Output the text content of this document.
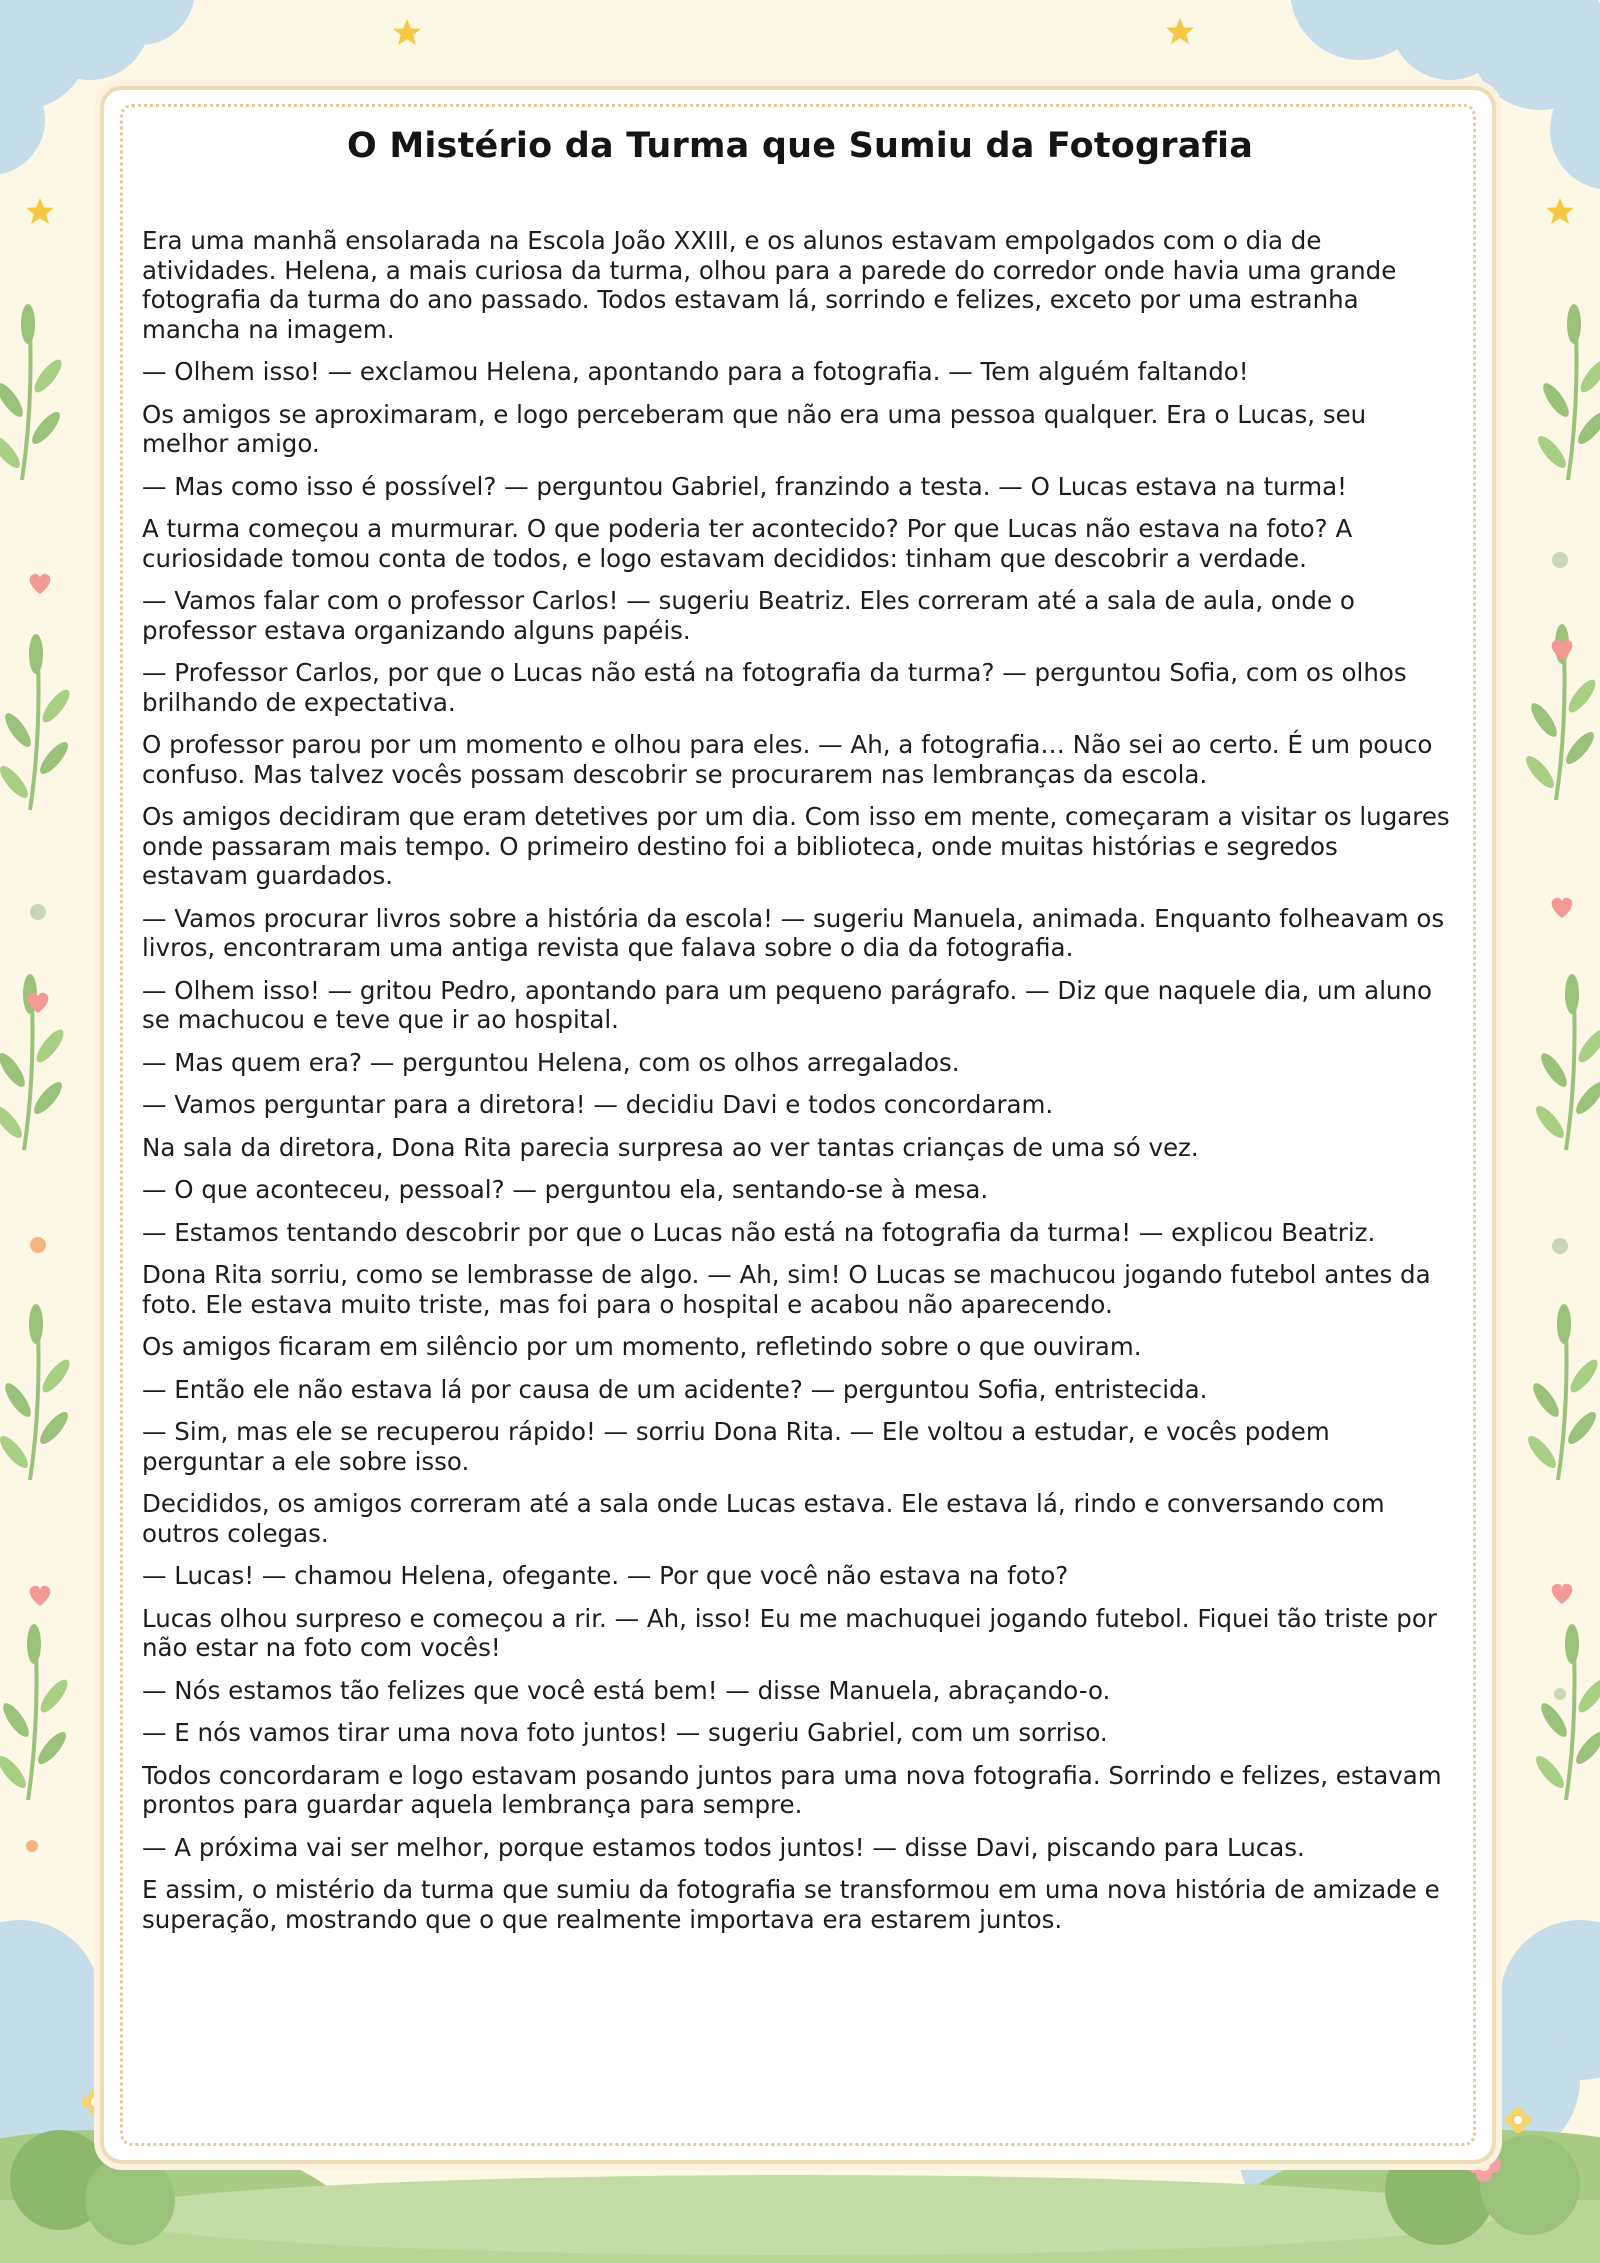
O Mistério da Turma que Sumiu da Fotografia

Era uma manhã ensolarada na Escola João XXIII, e os alunos estavam empolgados com o dia de atividades. Helena, a mais curiosa da turma, olhou para a parede do corredor onde havia uma grande fotografia da turma do ano passado. Todos estavam lá, sorrindo e felizes, exceto por uma estranha mancha na imagem.

— Olhem isso! — exclamou Helena, apontando para a fotografia. — Tem alguém faltando!

Os amigos se aproximaram, e logo perceberam que não era uma pessoa qualquer. Era o Lucas, seu melhor amigo.

— Mas como isso é possível? — perguntou Gabriel, franzindo a testa. — O Lucas estava na turma!

A turma começou a murmurar. O que poderia ter acontecido? Por que Lucas não estava na foto? A curiosidade tomou conta de todos, e logo estavam decididos: tinham que descobrir a verdade.

— Vamos falar com o professor Carlos! — sugeriu Beatriz. Eles correram até a sala de aula, onde o professor estava organizando alguns papéis.

— Professor Carlos, por que o Lucas não está na fotografia da turma? — perguntou Sofia, com os olhos brilhando de expectativa.

O professor parou por um momento e olhou para eles. — Ah, a fotografia… Não sei ao certo. É um pouco confuso. Mas talvez vocês possam descobrir se procurarem nas lembranças da escola.

Os amigos decidiram que eram detetives por um dia. Com isso em mente, começaram a visitar os lugares onde passaram mais tempo. O primeiro destino foi a biblioteca, onde muitas histórias e segredos estavam guardados.

— Vamos procurar livros sobre a história da escola! — sugeriu Manuela, animada. Enquanto folheavam os livros, encontraram uma antiga revista que falava sobre o dia da fotografia.

— Olhem isso! — gritou Pedro, apontando para um pequeno parágrafo. — Diz que naquele dia, um aluno se machucou e teve que ir ao hospital.

— Mas quem era? — perguntou Helena, com os olhos arregalados.

— Vamos perguntar para a diretora! — decidiu Davi e todos concordaram.

Na sala da diretora, Dona Rita parecia surpresa ao ver tantas crianças de uma só vez.

— O que aconteceu, pessoal? — perguntou ela, sentando-se à mesa.

— Estamos tentando descobrir por que o Lucas não está na fotografia da turma! — explicou Beatriz.

Dona Rita sorriu, como se lembrasse de algo. — Ah, sim! O Lucas se machucou jogando futebol antes da foto. Ele estava muito triste, mas foi para o hospital e acabou não aparecendo.

Os amigos ficaram em silêncio por um momento, refletindo sobre o que ouviram.

— Então ele não estava lá por causa de um acidente? — perguntou Sofia, entristecida.

— Sim, mas ele se recuperou rápido! — sorriu Dona Rita. — Ele voltou a estudar, e vocês podem perguntar a ele sobre isso.

Decididos, os amigos correram até a sala onde Lucas estava. Ele estava lá, rindo e conversando com outros colegas.

— Lucas! — chamou Helena, ofegante. — Por que você não estava na foto?

Lucas olhou surpreso e começou a rir. — Ah, isso! Eu me machuquei jogando futebol. Fiquei tão triste por não estar na foto com vocês!

— Nós estamos tão felizes que você está bem! — disse Manuela, abraçando-o.

— E nós vamos tirar uma nova foto juntos! — sugeriu Gabriel, com um sorriso.

Todos concordaram e logo estavam posando juntos para uma nova fotografia. Sorrindo e felizes, estavam prontos para guardar aquela lembrança para sempre.

— A próxima vai ser melhor, porque estamos todos juntos! — disse Davi, piscando para Lucas.

E assim, o mistério da turma que sumiu da fotografia se transformou em uma nova história de amizade e superação, mostrando que o que realmente importava era estarem juntos.
